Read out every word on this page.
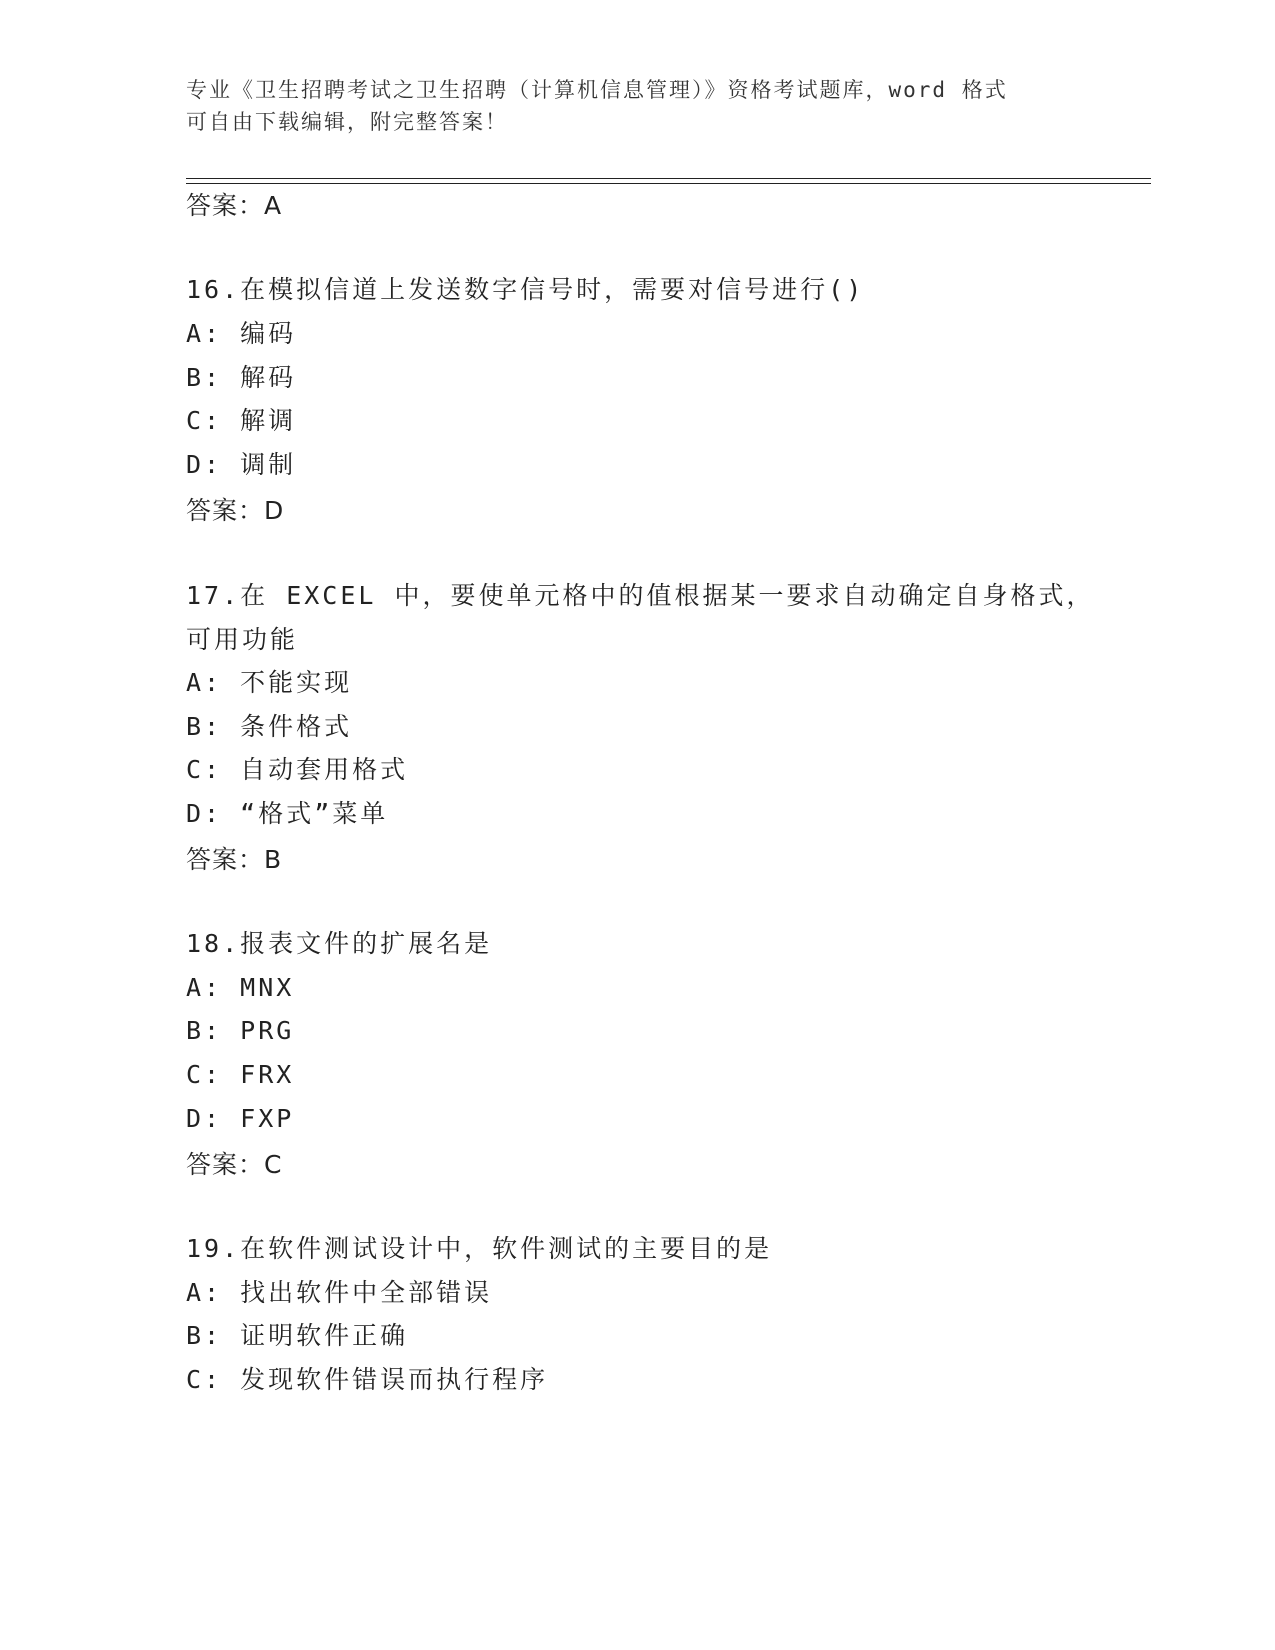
专业《卫生招聘考试之卫生招聘（计算机信息管理）》资格考试题库，word 格式
可自由下载编辑，附完整答案！
答案：A
16.在模拟信道上发送数字信号时，需要对信号进行()
A: 编码
B: 解码
C: 解调
D: 调制
答案：D
17.在 EXCEL 中，要使单元格中的值根据某一要求自动确定自身格式，
可用功能
A: 不能实现
B: 条件格式
C: 自动套用格式
D: “格式”菜单
答案：B
18.报表文件的扩展名是
A: MNX
B: PRG
C: FRX
D: FXP
答案：C
19.在软件测试设计中，软件测试的主要目的是
A: 找出软件中全部错误
B: 证明软件正确
C: 发现软件错误而执行程序
